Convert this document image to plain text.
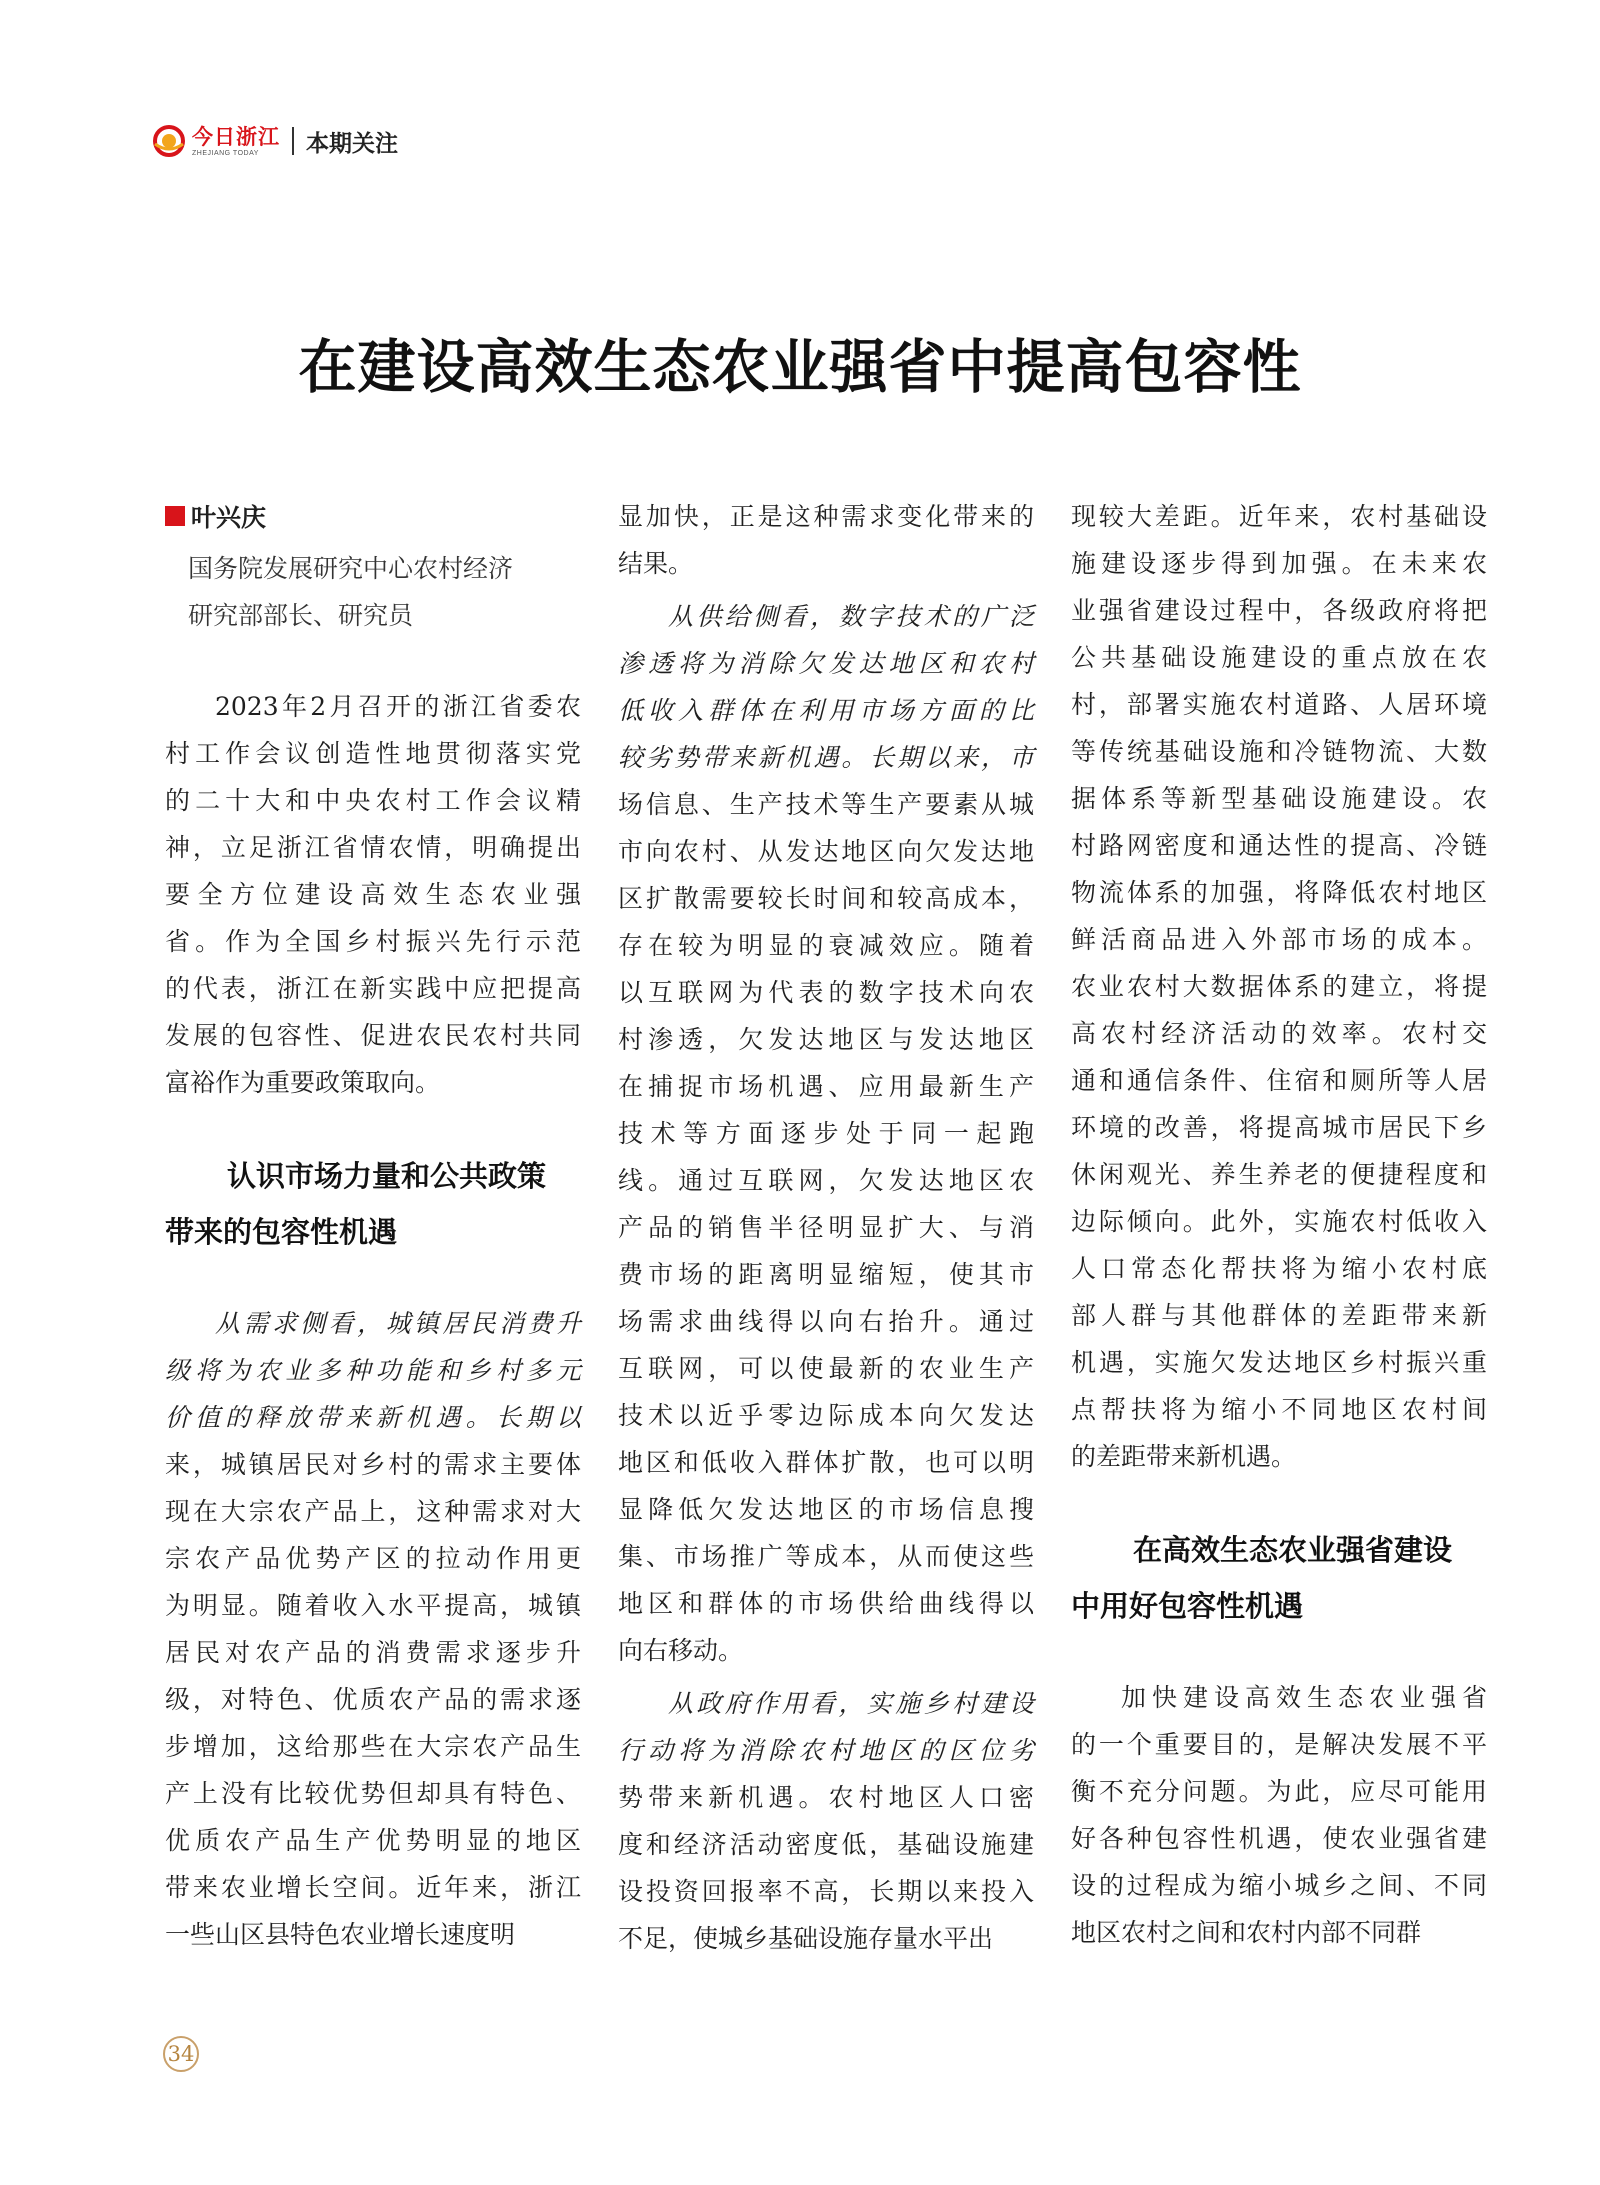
今日浙江
ZHEJIANG TODAY	本期关注
在建设高效生态农业强省中提高包容性
叶兴庆
国务院发展研究中心农村经济
研究部部长、研究员
2023年2月召开的浙江省委农
村工作会议创造性地贯彻落实党
的二十大和中央农村工作会议精
神，立足浙江省情农情，明确提出
要全方位建设高效生态农业强
省。作为全国乡村振兴先行示范
的代表，浙江在新实践中应把提高
发展的包容性、促进农民农村共同
富裕作为重要政策取向。
认识市场力量和公共政策
带来的包容性机遇
从需求侧看，城镇居民消费升
级将为农业多种功能和乡村多元
价值的释放带来新机遇。长期以
来，城镇居民对乡村的需求主要体
现在大宗农产品上，这种需求对大
宗农产品优势产区的拉动作用更
为明显。随着收入水平提高，城镇
居民对农产品的消费需求逐步升
级，对特色、优质农产品的需求逐
步增加，这给那些在大宗农产品生
产上没有比较优势但却具有特色、
优质农产品生产优势明显的地区
带来农业增长空间。近年来，浙江
一些山区县特色农业增长速度明
显加快，正是这种需求变化带来的
结果。
从供给侧看，数字技术的广泛
渗透将为消除欠发达地区和农村
低收入群体在利用市场方面的比
较劣势带来新机遇。长期以来，市
场信息、生产技术等生产要素从城
市向农村、从发达地区向欠发达地
区扩散需要较长时间和较高成本，
存在较为明显的衰减效应。随着
以互联网为代表的数字技术向农
村渗透，欠发达地区与发达地区
在捕捉市场机遇、应用最新生产
技术等方面逐步处于同一起跑
线。通过互联网，欠发达地区农
产品的销售半径明显扩大、与消
费市场的距离明显缩短，使其市
场需求曲线得以向右抬升。通过
互联网，可以使最新的农业生产
技术以近乎零边际成本向欠发达
地区和低收入群体扩散，也可以明
显降低欠发达地区的市场信息搜
集、市场推广等成本，从而使这些
地区和群体的市场供给曲线得以
向右移动。
从政府作用看，实施乡村建设
行动将为消除农村地区的区位劣
势带来新机遇。农村地区人口密
度和经济活动密度低，基础设施建
设投资回报率不高，长期以来投入
不足，使城乡基础设施存量水平出
现较大差距。近年来，农村基础设
施建设逐步得到加强。在未来农
业强省建设过程中，各级政府将把
公共基础设施建设的重点放在农
村，部署实施农村道路、人居环境
等传统基础设施和冷链物流、大数
据体系等新型基础设施建设。农
村路网密度和通达性的提高、冷链
物流体系的加强，将降低农村地区
鲜活商品进入外部市场的成本。
农业农村大数据体系的建立，将提
高农村经济活动的效率。农村交
通和通信条件、住宿和厕所等人居
环境的改善，将提高城市居民下乡
休闲观光、养生养老的便捷程度和
边际倾向。此外，实施农村低收入
人口常态化帮扶将为缩小农村底
部人群与其他群体的差距带来新
机遇，实施欠发达地区乡村振兴重
点帮扶将为缩小不同地区农村间
的差距带来新机遇。
在高效生态农业强省建设
中用好包容性机遇
加快建设高效生态农业强省
的一个重要目的，是解决发展不平
衡不充分问题。为此，应尽可能用
好各种包容性机遇，使农业强省建
设的过程成为缩小城乡之间、不同
地区农村之间和农村内部不同群
34
